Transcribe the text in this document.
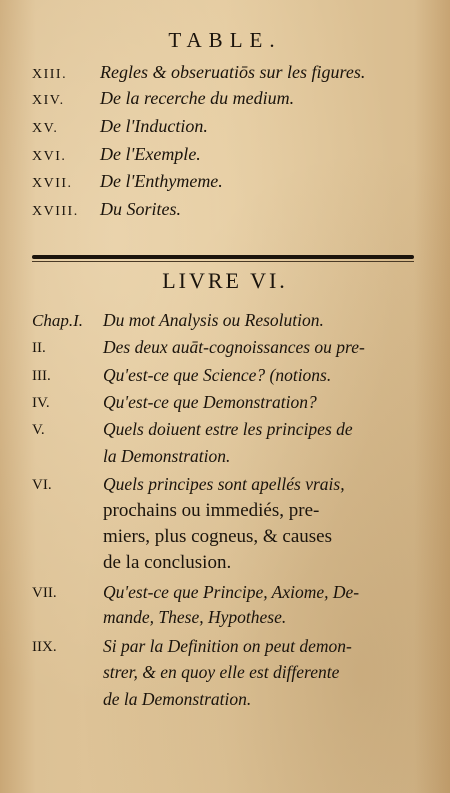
TABLE.
XIII. Regles & obseruatiōs sur les figures.
XIV. De la recerche du medium.
XV. De l'Induction.
XVI. De l'Exemple.
XVII. De l'Enthymeme.
XVIII. Du Sorites.
LIVRE VI.
Chap.I. Du mot Analysis ou Resolution.
II.	Des deux auāt-cognoissances ou pre-
III.	Qu'est-ce que Science? (notions.
IV.	Qu'est-ce que Demonstration?
V.	Quels doiuent estre les principes de
la Demonstration.
VI.	Quels principes sont apellés vrais,
prochains ou immediés, pre-
miers, plus cogneus, & causes
de la conclusion.
VII.	Qu'est-ce que Principe, Axiome, De-
mande, These, Hypothese.
IIX.	Si par la Definition on peut demon-
strer, & en quoy elle est differente
de la Demonstration.
